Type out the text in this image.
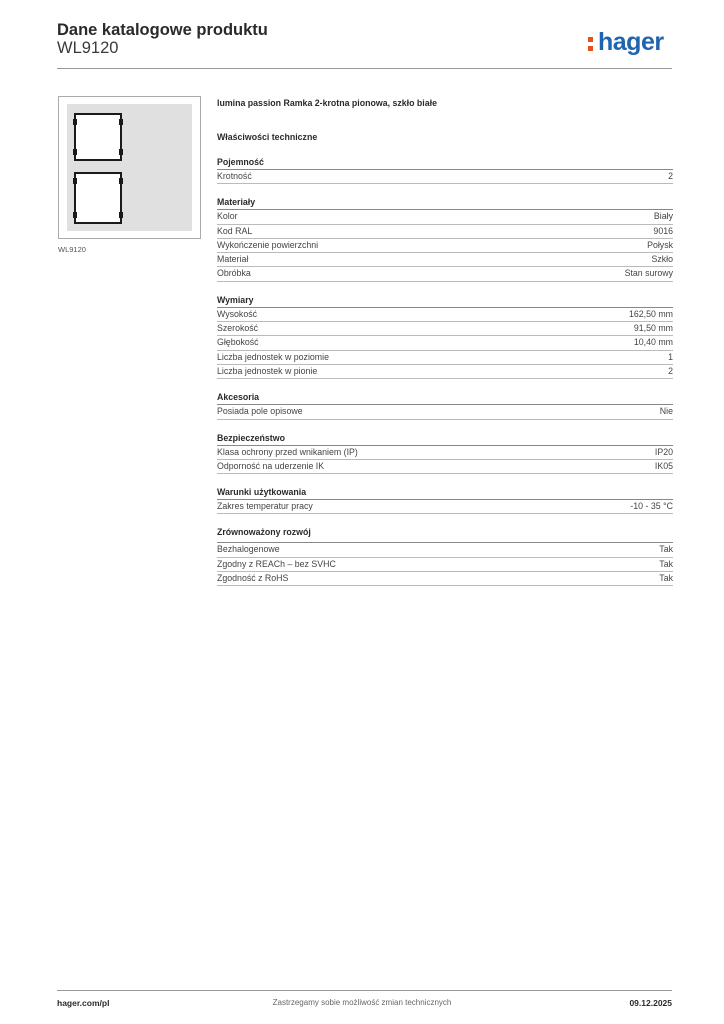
Dane katalogowe produktu
WL9120	hager
WL9120
lumina passion Ramka 2-krotna pionowa, szkło białe
Właściwości techniczne
Pojemność
Krotność	2
Materiały
Kolor	Biały
Kod RAL	9016
Wykończenie powierzchni	Połysk
Materiał	Szkło
Obróbka	Stan surowy
Wymiary
Wysokość	162,50 mm
Szerokość	91,50 mm
Głębokość	10,40 mm
Liczba jednostek w poziomie	1
Liczba jednostek w pionie	2
Akcesoria
Posiada pole opisowe	Nie
Bezpieczeństwo
Klasa ochrony przed wnikaniem (IP)	IP20
Odporność na uderzenie IK	IK05
Warunki użytkowania
Zakres temperatur pracy	-10 - 35 °C
Zrównoważony rozwój
Bezhalogenowe	Tak
Zgodny z REACh – bez SVHC	Tak
Zgodność z RoHS	Tak
hager.com/pl	Zastrzegamy sobie możliwość zmian technicznych	09.12.2025
